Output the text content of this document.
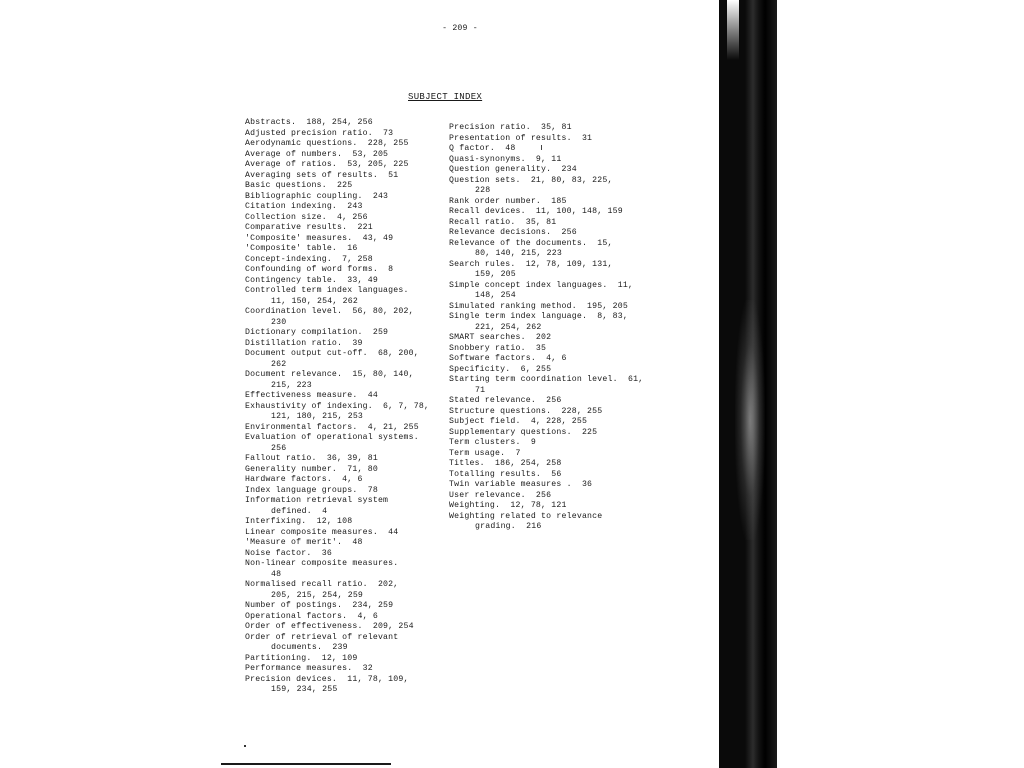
- 209 -
SUBJECT INDEX
Abstracts.  188, 254, 256
Adjusted precision ratio.  73
Aerodynamic questions.  228, 255
Average of numbers.  53, 205
Average of ratios.  53, 205, 225
Averaging sets of results.  51
Basic questions.  225
Bibliographic coupling.  243
Citation indexing.  243
Collection size.  4, 256
Comparative results.  221
'Composite' measures.  43, 49
'Composite' table.  16
Concept-indexing.  7, 258
Confounding of word forms.  8
Contingency table.  33, 49
Controlled term index languages.
11, 150, 254, 262
Coordination level.  56, 80, 202,
230
Dictionary compilation.  259
Distillation ratio.  39
Document output cut-off.  68, 200,
262
Document relevance.  15, 80, 140,
215, 223
Effectiveness measure.  44
Exhaustivity of indexing.  6, 7, 78,
121, 180, 215, 253
Environmental factors.  4, 21, 255
Evaluation of operational systems.
256
Fallout ratio.  36, 39, 81
Generality number.  71, 80
Hardware factors.  4, 6
Index language groups.  78
Information retrieval system
defined.  4
Interfixing.  12, 108
Linear composite measures.  44
'Measure of merit'.  48
Noise factor.  36
Non-linear composite measures.
48
Normalised recall ratio.  202,
205, 215, 254, 259
Number of postings.  234, 259
Operational factors.  4, 6
Order of effectiveness.  209, 254
Order of retrieval of relevant
documents.  239
Partitioning.  12, 109
Performance measures.  32
Precision devices.  11, 78, 109,
159, 234, 255
Precision ratio.  35, 81
Presentation of results.  31
Q factor.  48
Quasi-synonyms.  9, 11
Question generality.  234
Question sets.  21, 80, 83, 225,
228
Rank order number.  185
Recall devices.  11, 100, 148, 159
Recall ratio.  35, 81
Relevance decisions.  256
Relevance of the documents.  15,
80, 140, 215, 223
Search rules.  12, 78, 109, 131,
159, 205
Simple concept index languages.  11,
148, 254
Simulated ranking method.  195, 205
Single term index language.  8, 83,
221, 254, 262
SMART searches.  202
Snobbery ratio.  35
Software factors.  4, 6
Specificity.  6, 255
Starting term coordination level.  61,
71
Stated relevance.  256
Structure questions.  228, 255
Subject field.  4, 228, 255
Supplementary questions.  225
Term clusters.  9
Term usage.  7
Titles.  186, 254, 258
Totalling results.  56
Twin variable measures .  36
User relevance.  256
Weighting.  12, 78, 121
Weighting related to relevance
grading.  216
